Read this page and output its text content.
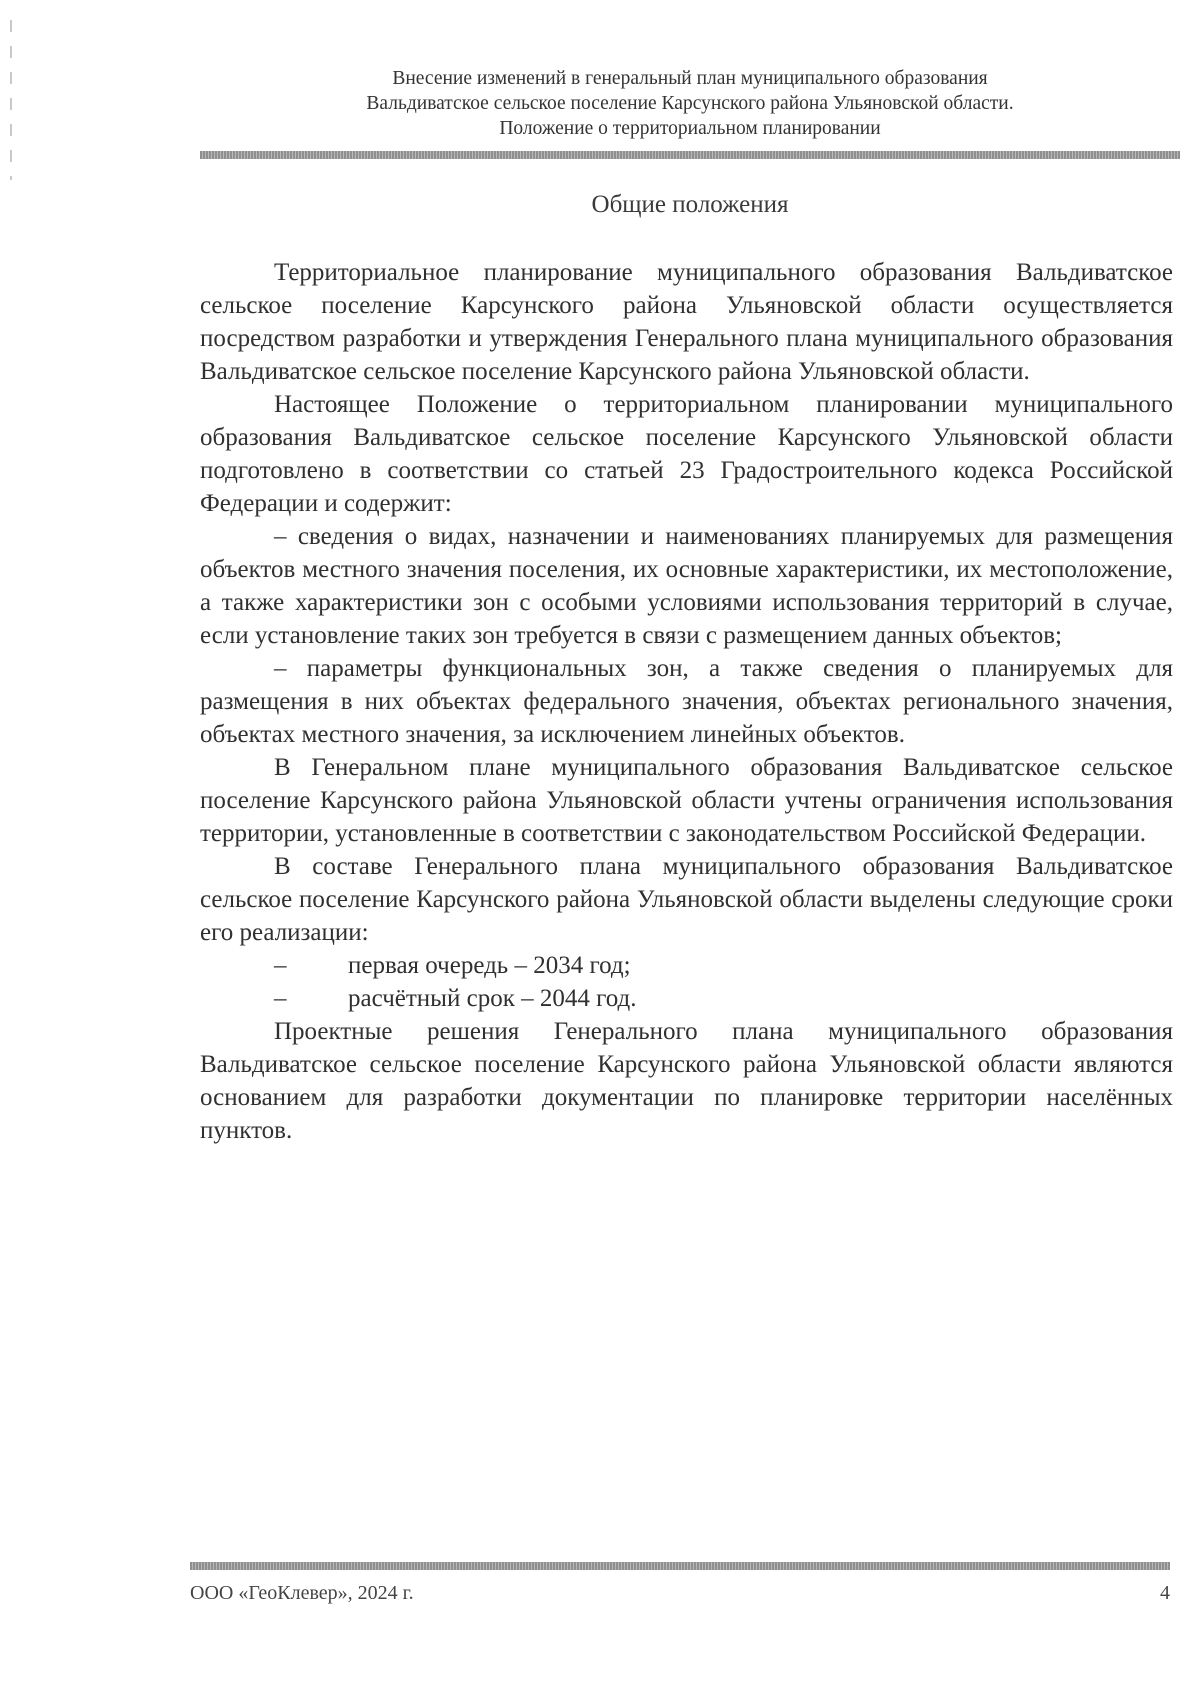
Внесение изменений в генеральный план муниципального образования
Вальдиватское сельское поселение Карсунского района Ульяновской области.
Положение о территориальном планировании
Общие положения

Территориальное планирование муниципального образования Вальдиватское сельское поселение Карсунского района Ульяновской области осуществляется посредством разработки и утверждения Генерального плана муниципального образования Вальдиватское сельское поселение Карсунского района Ульяновской области.

Настоящее Положение о территориальном планировании муниципального образования Вальдиватское сельское поселение Карсунского Ульяновской области подготовлено в соответствии со статьей 23 Градостроительного кодекса Российской Федерации и содержит:

– сведения о видах, назначении и наименованиях планируемых для размещения объектов местного значения поселения, их основные характеристики, их местоположение, а также характеристики зон с особыми условиями использования территорий в случае, если установление таких зон требуется в связи с размещением данных объектов;

– параметры функциональных зон, а также сведения о планируемых для размещения в них объектах федерального значения, объектах регионального значения, объектах местного значения, за исключением линейных объектов.

В Генеральном плане муниципального образования Вальдиватское сельское поселение Карсунского района Ульяновской области учтены ограничения использования территории, установленные в соответствии с законодательством Российской Федерации.

В составе Генерального плана муниципального образования Вальдиватское сельское поселение Карсунского района Ульяновской области выделены следующие сроки его реализации:

–	первая очередь – 2034 год;
–	расчётный срок – 2044 год.

Проектные решения Генерального плана муниципального образования Вальдиватское сельское поселение Карсунского района Ульяновской области являются основанием для разработки документации по планировке территории населённых пунктов.

ООО «ГеоКлевер», 2024 г.	4
